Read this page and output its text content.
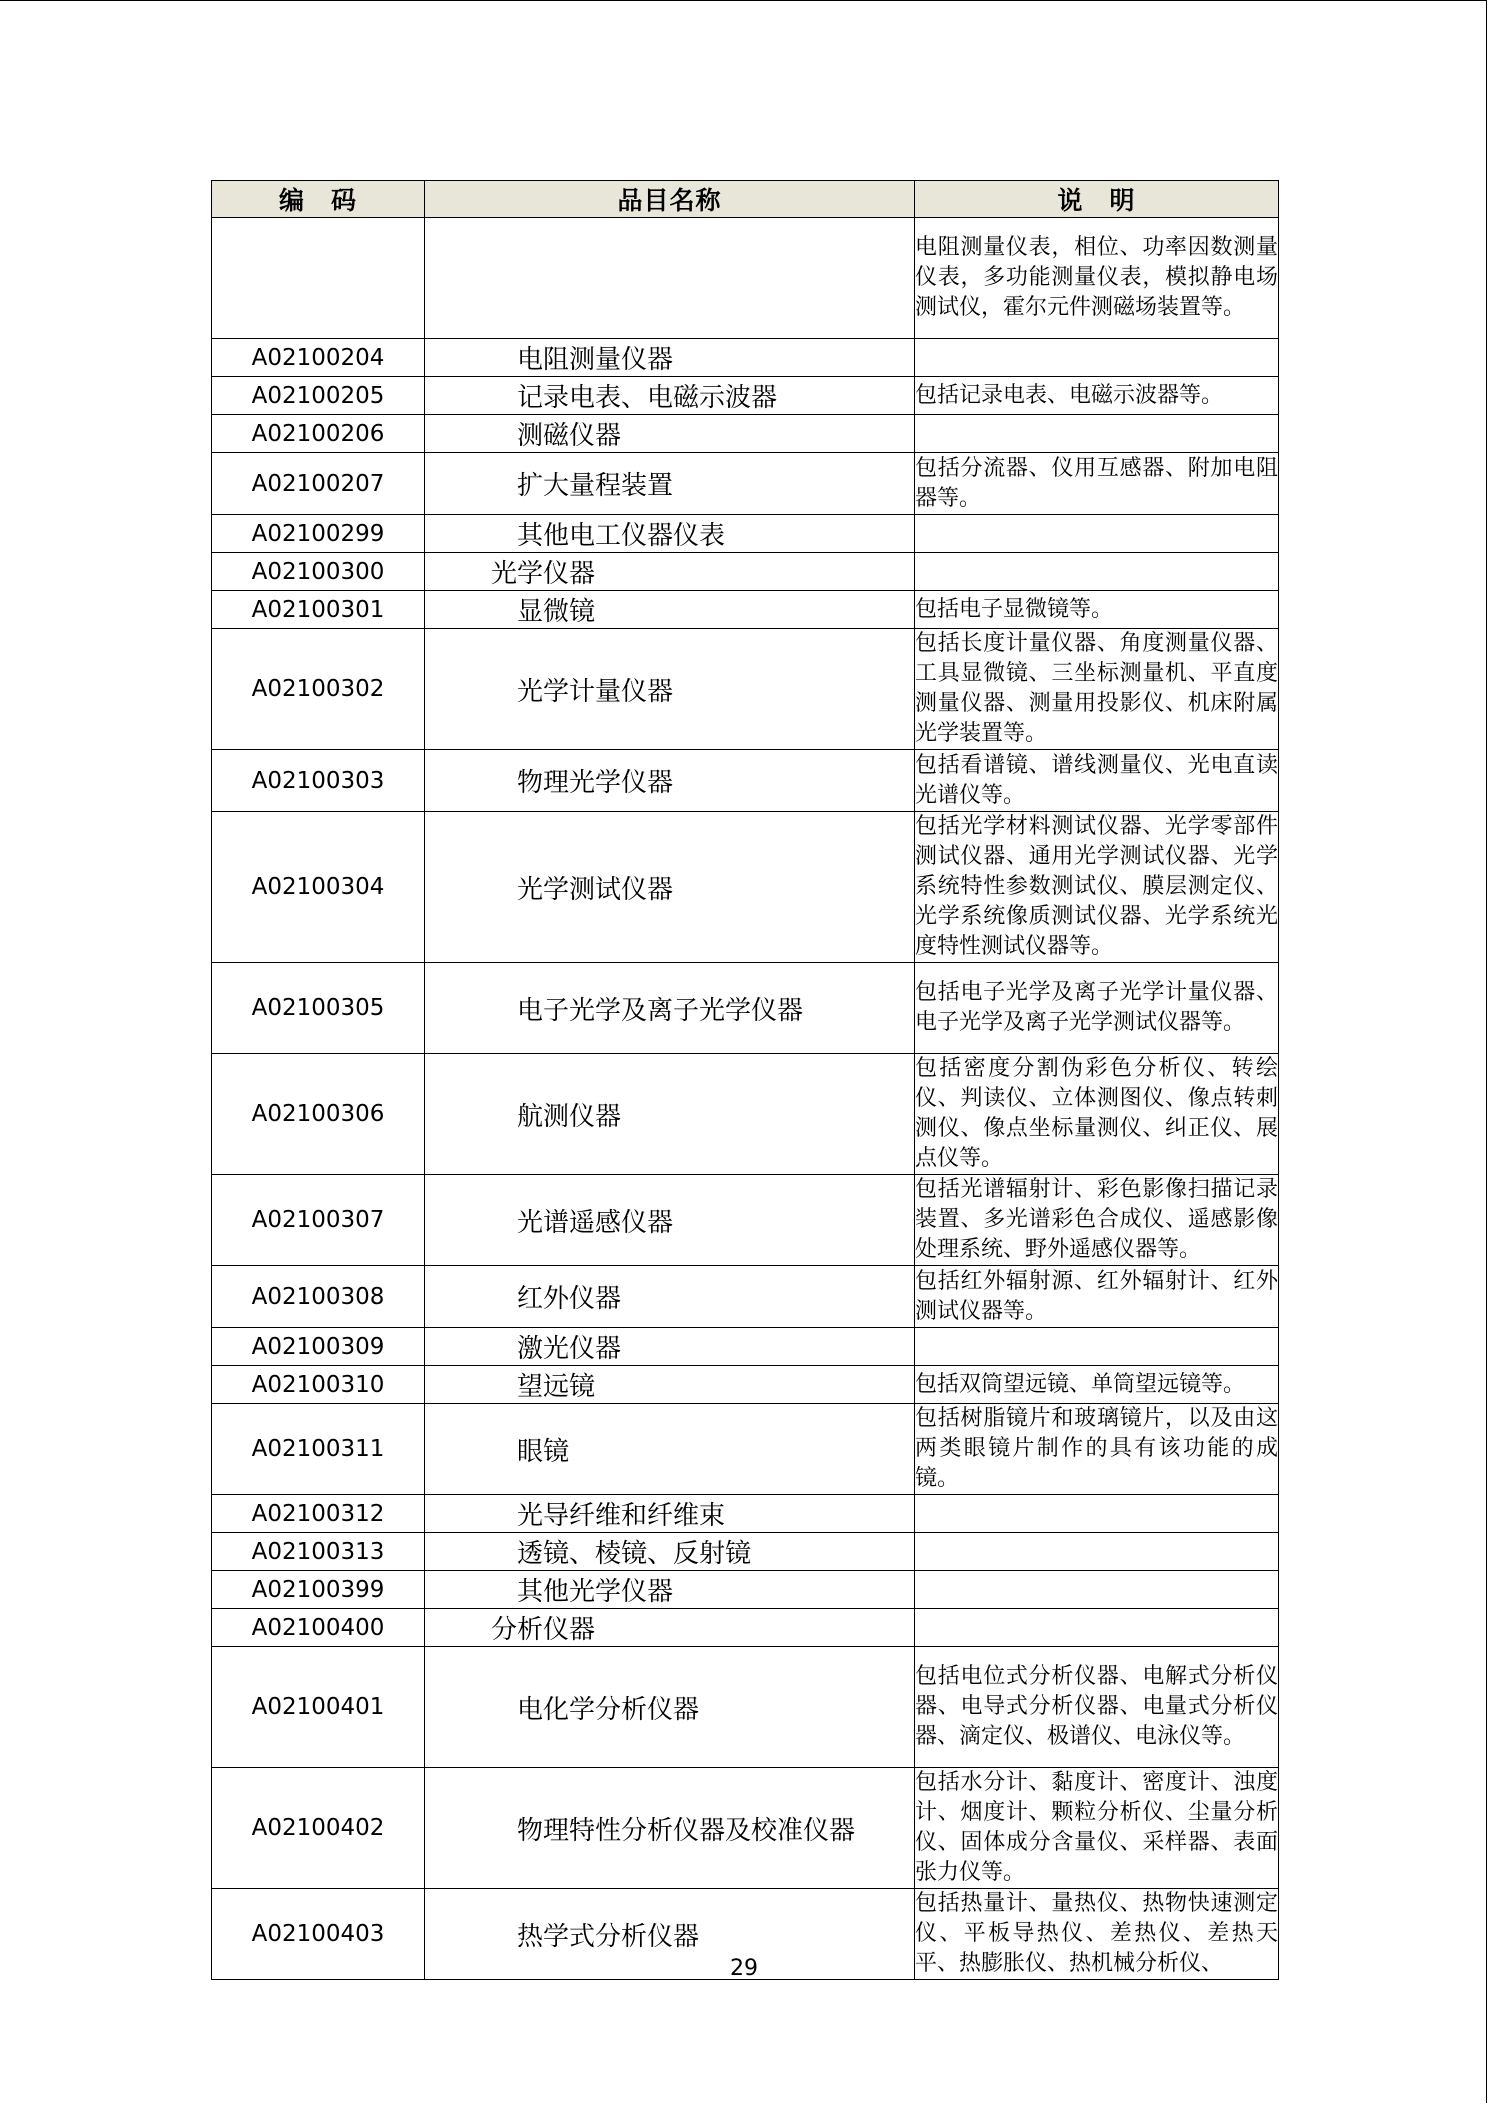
编　码	品目名称	说　明
		电阻测量仪表，相位、功率因数测量仪表，多功能测量仪表，模拟静电场测试仪，霍尔元件测磁场装置等。
A02100204	电阻测量仪器	
A02100205	记录电表、电磁示波器	包括记录电表、电磁示波器等。
A02100206	测磁仪器	
A02100207	扩大量程装置	包括分流器、仪用互感器、附加电阻器等。
A02100299	其他电工仪器仪表	
A02100300	光学仪器	
A02100301	显微镜	包括电子显微镜等。
A02100302	光学计量仪器	包括长度计量仪器、角度测量仪器、工具显微镜、三坐标测量机、平直度测量仪器、测量用投影仪、机床附属光学装置等。
A02100303	物理光学仪器	包括看谱镜、谱线测量仪、光电直读光谱仪等。
A02100304	光学测试仪器	包括光学材料测试仪器、光学零部件测试仪器、通用光学测试仪器、光学系统特性参数测试仪、膜层测定仪、光学系统像质测试仪器、光学系统光度特性测试仪器等。
A02100305	电子光学及离子光学仪器	包括电子光学及离子光学计量仪器、电子光学及离子光学测试仪器等。
A02100306	航测仪器	包括密度分割伪彩色分析仪、转绘仪、判读仪、立体测图仪、像点转刺测仪、像点坐标量测仪、纠正仪、展点仪等。
A02100307	光谱遥感仪器	包括光谱辐射计、彩色影像扫描记录装置、多光谱彩色合成仪、遥感影像处理系统、野外遥感仪器等。
A02100308	红外仪器	包括红外辐射源、红外辐射计、红外测试仪器等。
A02100309	激光仪器	
A02100310	望远镜	包括双筒望远镜、单筒望远镜等。
A02100311	眼镜	包括树脂镜片和玻璃镜片，以及由这两类眼镜片制作的具有该功能的成镜。
A02100312	光导纤维和纤维束	
A02100313	透镜、棱镜、反射镜	
A02100399	其他光学仪器	
A02100400	分析仪器	
A02100401	电化学分析仪器	包括电位式分析仪器、电解式分析仪器、电导式分析仪器、电量式分析仪器、滴定仪、极谱仪、电泳仪等。
A02100402	物理特性分析仪器及校准仪器	包括水分计、黏度计、密度计、浊度计、烟度计、颗粒分析仪、尘量分析仪、固体成分含量仪、采样器、表面张力仪等。
A02100403	热学式分析仪器	包括热量计、量热仪、热物快速测定仪、平板导热仪、差热仪、差热天平、热膨胀仪、热机械分析仪、
29
